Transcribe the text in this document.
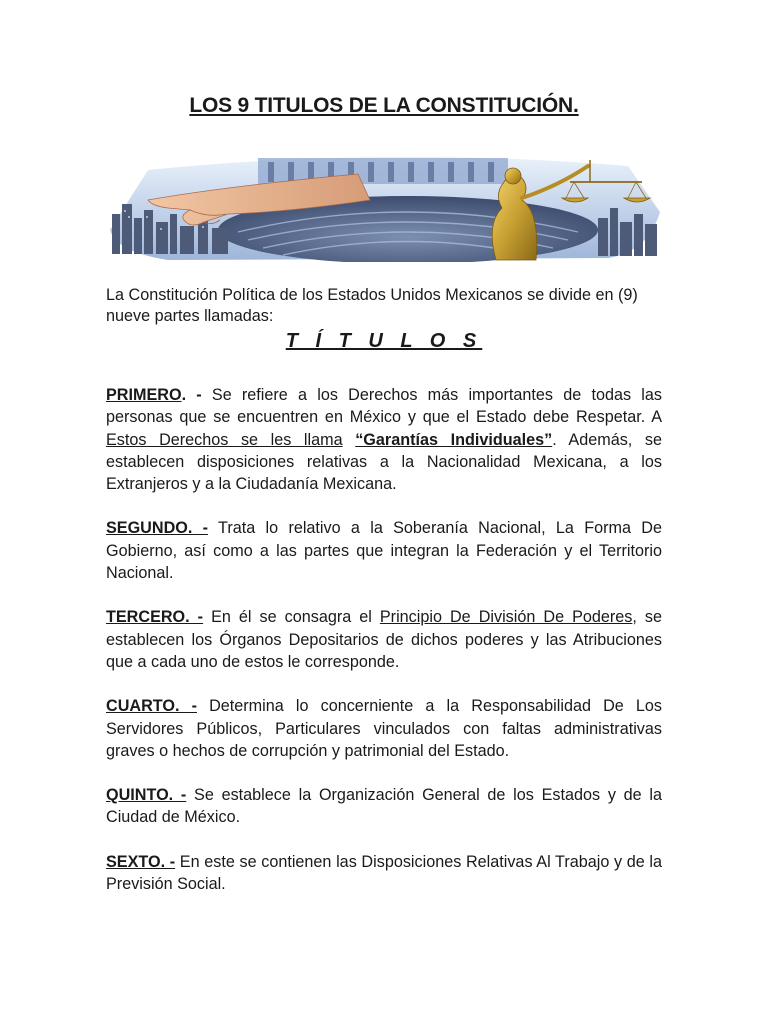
LOS 9 TITULOS DE LA CONSTITUCIÓN.
La Constitución Política de los Estados Unidos Mexicanos se divide en (9) nueve partes llamadas:
T Í T U L O S

PRIMERO. - Se refiere a los Derechos más importantes de todas las personas que se encuentren en México y que el Estado debe Respetar. A Estos Derechos se les llama “Garantías Individuales”. Además, se establecen disposiciones relativas a la Nacionalidad Mexicana, a los Extranjeros y a la Ciudadanía Mexicana.

SEGUNDO. - Trata lo relativo a la Soberanía Nacional, La Forma De Gobierno, así como a las partes que integran la Federación y el Territorio Nacional.

TERCERO. - En él se consagra el Principio De División De Poderes, se establecen los Órganos Depositarios de dichos poderes y las Atribuciones que a cada uno de estos le corresponde.

CUARTO. - Determina lo concerniente a la Responsabilidad De Los Servidores Públicos, Particulares vinculados con faltas administrativas graves o hechos de corrupción y patrimonial del Estado.

QUINTO. - Se establece la Organización General de los Estados y de la Ciudad de México.

SEXTO. - En este se contienen las Disposiciones Relativas Al Trabajo y de la Previsión Social.
